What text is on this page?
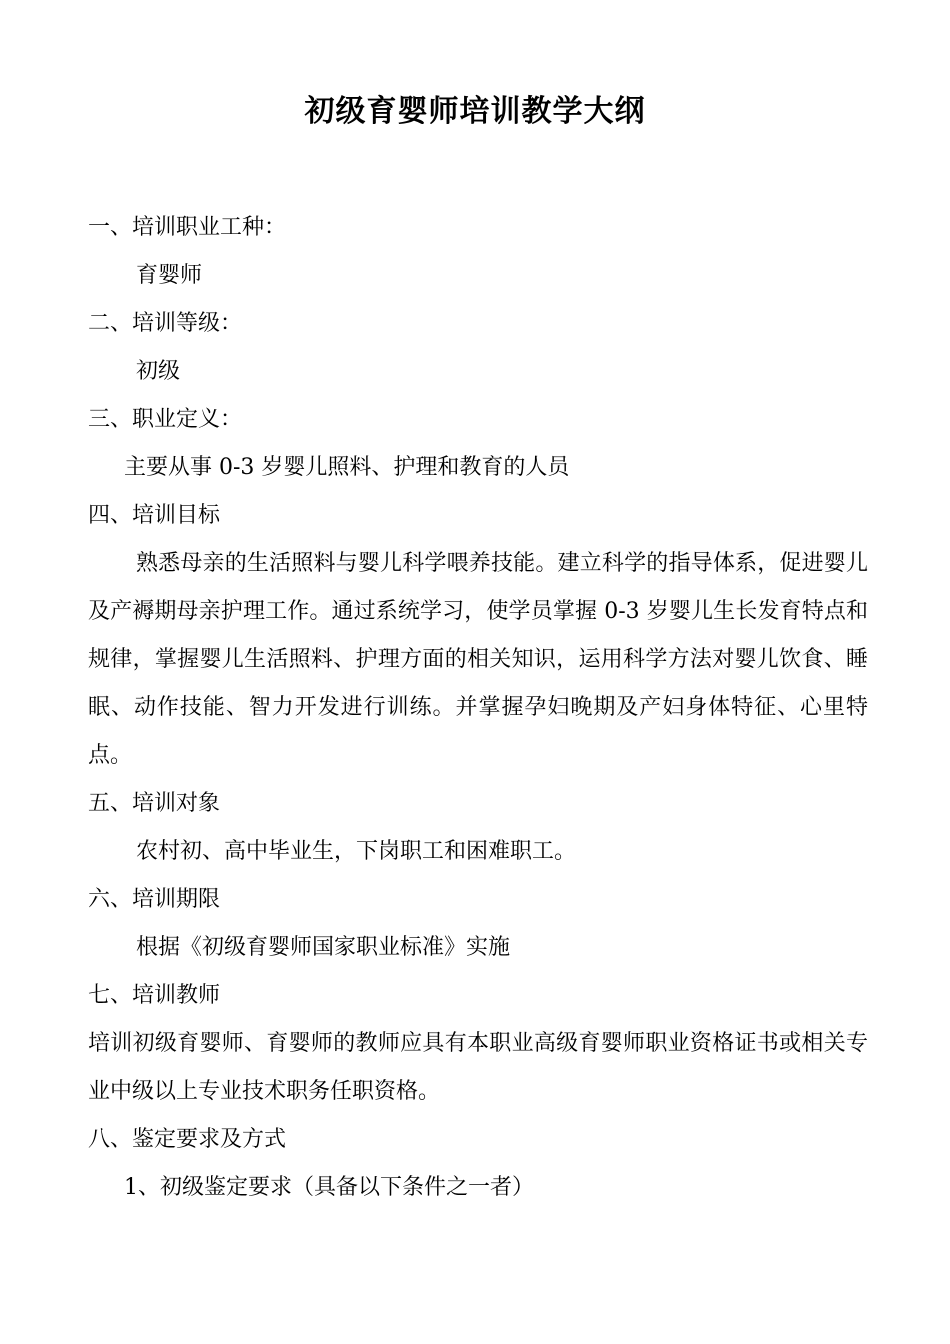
初级育婴师培训教学大纲

一、培训职业工种：

育婴师

二、培训等级：

初级

三、职业定义：

主要从事 0-3 岁婴儿照料、护理和教育的人员

四、培训目标

熟悉母亲的生活照料与婴儿科学喂养技能。建立科学的指导体系，促进婴儿及产褥期母亲护理工作。通过系统学习，使学员掌握 0-3 岁婴儿生长发育特点和规律，掌握婴儿生活照料、护理方面的相关知识，运用科学方法对婴儿饮食、睡眠、动作技能、智力开发进行训练。并掌握孕妇晚期及产妇身体特征、心里特点。

五、培训对象

农村初、高中毕业生，下岗职工和困难职工。

六、培训期限

根据《初级育婴师国家职业标准》实施

七、培训教师

培训初级育婴师、育婴师的教师应具有本职业高级育婴师职业资格证书或相关专业中级以上专业技术职务任职资格。

八、鉴定要求及方式

1、初级鉴定要求（具备以下条件之一者）
